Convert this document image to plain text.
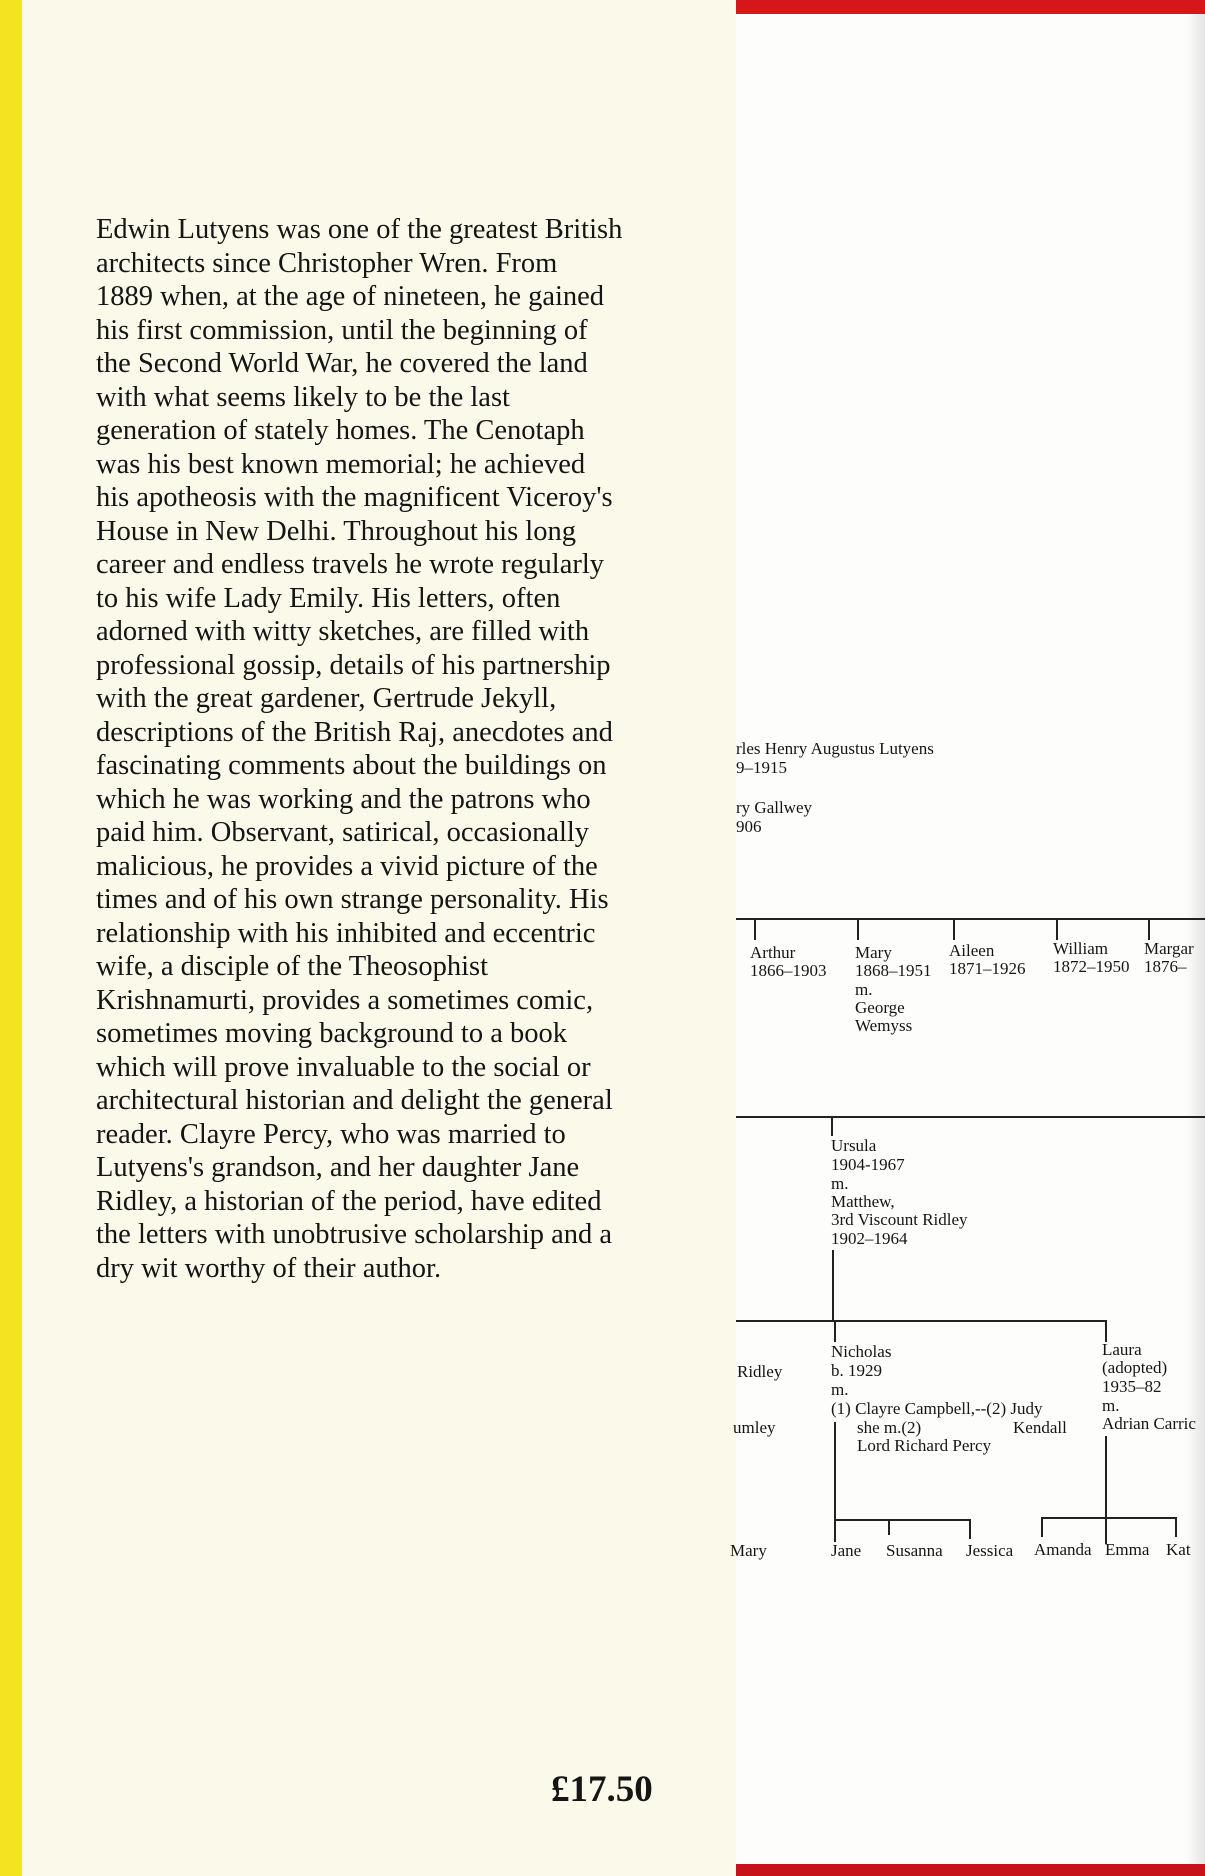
Edwin Lutyens was one of the greatest British
architects since Christopher Wren. From
1889 when, at the age of nineteen, he gained
his first commission, until the beginning of
the Second World War, he covered the land
with what seems likely to be the last
generation of stately homes. The Cenotaph
was his best known memorial; he achieved
his apotheosis with the magnificent Viceroy's
House in New Delhi. Throughout his long
career and endless travels he wrote regularly
to his wife Lady Emily. His letters, often
adorned with witty sketches, are filled with
professional gossip, details of his partnership
with the great gardener, Gertrude Jekyll,
descriptions of the British Raj, anecdotes and
fascinating comments about the buildings on
which he was working and the patrons who
paid him. Observant, satirical, occasionally
malicious, he provides a vivid picture of the
times and of his own strange personality. His
relationship with his inhibited and eccentric
wife, a disciple of the Theosophist
Krishnamurti, provides a sometimes comic,
sometimes moving background to a book
which will prove invaluable to the social or
architectural historian and delight the general
reader. Clayre Percy, who was married to
Lutyens's grandson, and her daughter Jane
Ridley, a historian of the period, have edited
the letters with unobtrusive scholarship and a
dry wit worthy of their author.
£17.50
rles Henry Augustus Lutyens
9–1915
ry Gallwey
906
Arthur
1866–1903
Mary
1868–1951
m.
George
Wemyss
Aileen
1871–1926
William
1872–1950
Margar
1876–
Ursula
1904-1967
m.
Matthew,
3rd Viscount Ridley
1902–1964
Ridley
umley
Mary
Nicholas
b. 1929
m.
(1) Clayre Campbell,--(2) Judy
she m.(2)
Lord Richard Percy
Kendall
Laura
(adopted)
1935–82
m.
Adrian Carric
Jane Susanna Jessica Amanda Emma Kat
